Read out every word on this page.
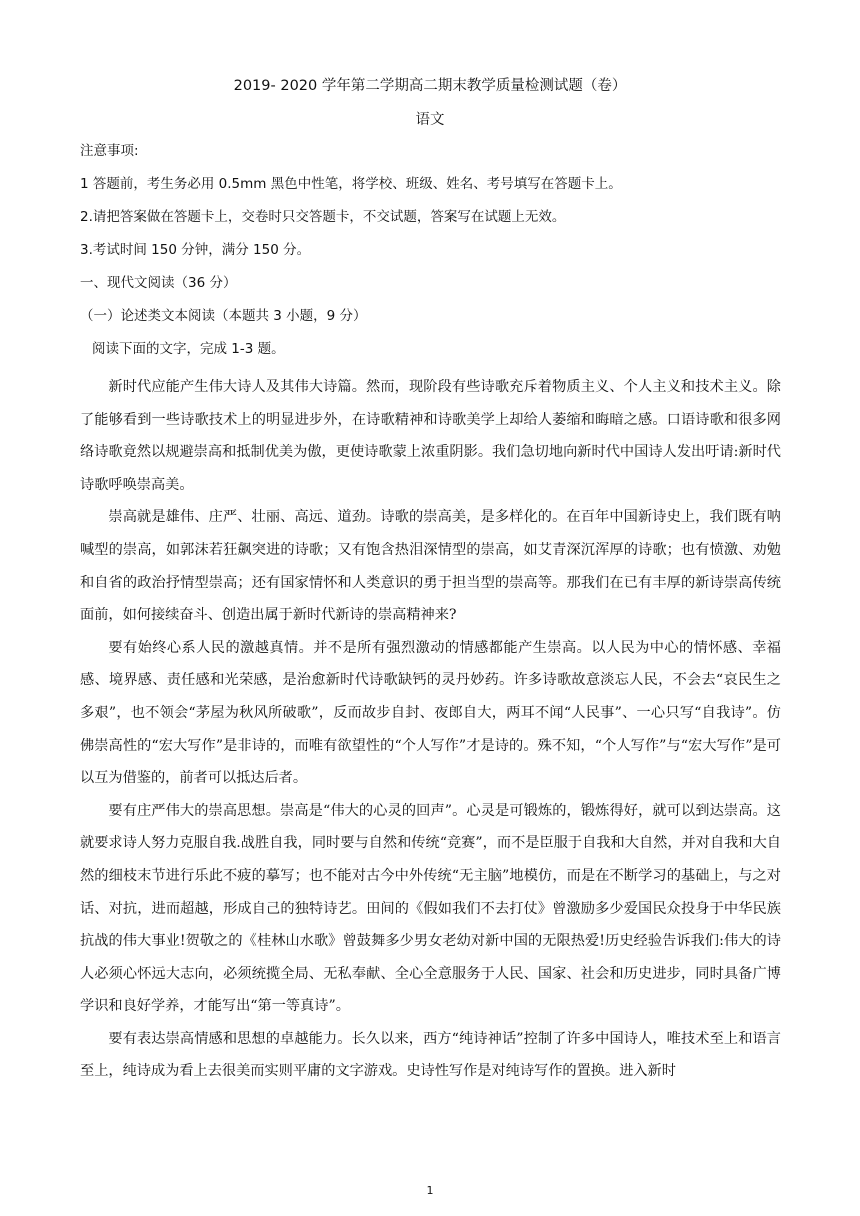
2019- 2020 学年第二学期高二期末教学质量检测试题（卷）
语文
注意事项:
1 答题前，考生务必用 0.5mm 黑色中性笔，将学校、班级、姓名、考号填写在答题卡上。
2.请把答案做在答题卡上，交卷时只交答题卡，不交试题，答案写在试题上无效。
3.考试时间 150 分钟，满分 150 分。
一、现代文阅读（36 分）
（一）论述类文本阅读（本题共 3 小题，9 分）
阅读下面的文字，完成 1-3 题。

新时代应能产生伟大诗人及其伟大诗篇。然而，现阶段有些诗歌充斥着物质主义、个人主义和技术主义。除了能够看到一些诗歌技术上的明显进步外，在诗歌精神和诗歌美学上却给人萎缩和晦暗之感。口语诗歌和很多网络诗歌竟然以规避崇高和抵制优美为傲，更使诗歌蒙上浓重阴影。我们急切地向新时代中国诗人发出吁请:新时代诗歌呼唤崇高美。

崇高就是雄伟、庄严、壮丽、高远、道劲。诗歌的崇高美，是多样化的。在百年中国新诗史上，我们既有呐喊型的崇高，如郭沫若狂飙突进的诗歌；又有饱含热泪深情型的崇高，如艾青深沉浑厚的诗歌；也有愤激、劝勉和自省的政治抒情型崇高；还有国家情怀和人类意识的勇于担当型的崇高等。那我们在已有丰厚的新诗崇高传统面前，如何接续奋斗、创造出属于新时代新诗的崇高精神来?

要有始终心系人民的激越真情。并不是所有强烈激动的情感都能产生崇高。以人民为中心的情怀感、幸福感、境界感、责任感和光荣感，是治愈新时代诗歌缺钙的灵丹妙药。许多诗歌故意淡忘人民，不会去“哀民生之多艰”，也不领会“茅屋为秋风所破歌”，反而故步自封、夜郎自大，两耳不闻“人民事”、一心只写“自我诗”。仿佛崇高性的“宏大写作”是非诗的，而唯有欲望性的“个人写作”才是诗的。殊不知，“个人写作”与“宏大写作”是可以互为借鉴的，前者可以抵达后者。

要有庄严伟大的崇高思想。崇高是“伟大的心灵的回声”。心灵是可锻炼的，锻炼得好，就可以到达崇高。这就要求诗人努力克服自我.战胜自我，同时要与自然和传统“竞赛”，而不是臣服于自我和大自然，并对自我和大自然的细枝末节进行乐此不疲的摹写；也不能对古今中外传统“无主脑”地模仿，而是在不断学习的基础上，与之对话、对抗，进而超越，形成自己的独特诗艺。田间的《假如我们不去打仗》曾激励多少爱国民众投身于中华民族抗战的伟大事业!贺敬之的《桂林山水歌》曾鼓舞多少男女老幼对新中国的无限热爱!历史经验告诉我们:伟大的诗人必须心怀远大志向，必须统揽全局、无私奉献、全心全意服务于人民、国家、社会和历史进步，同时具备广博学识和良好学养，才能写出“第一等真诗”。

要有表达崇高情感和思想的卓越能力。长久以来，西方“纯诗神话”控制了许多中国诗人，唯技术至上和语言至上，纯诗成为看上去很美而实则平庸的文字游戏。史诗性写作是对纯诗写作的置换。进入新时

1
